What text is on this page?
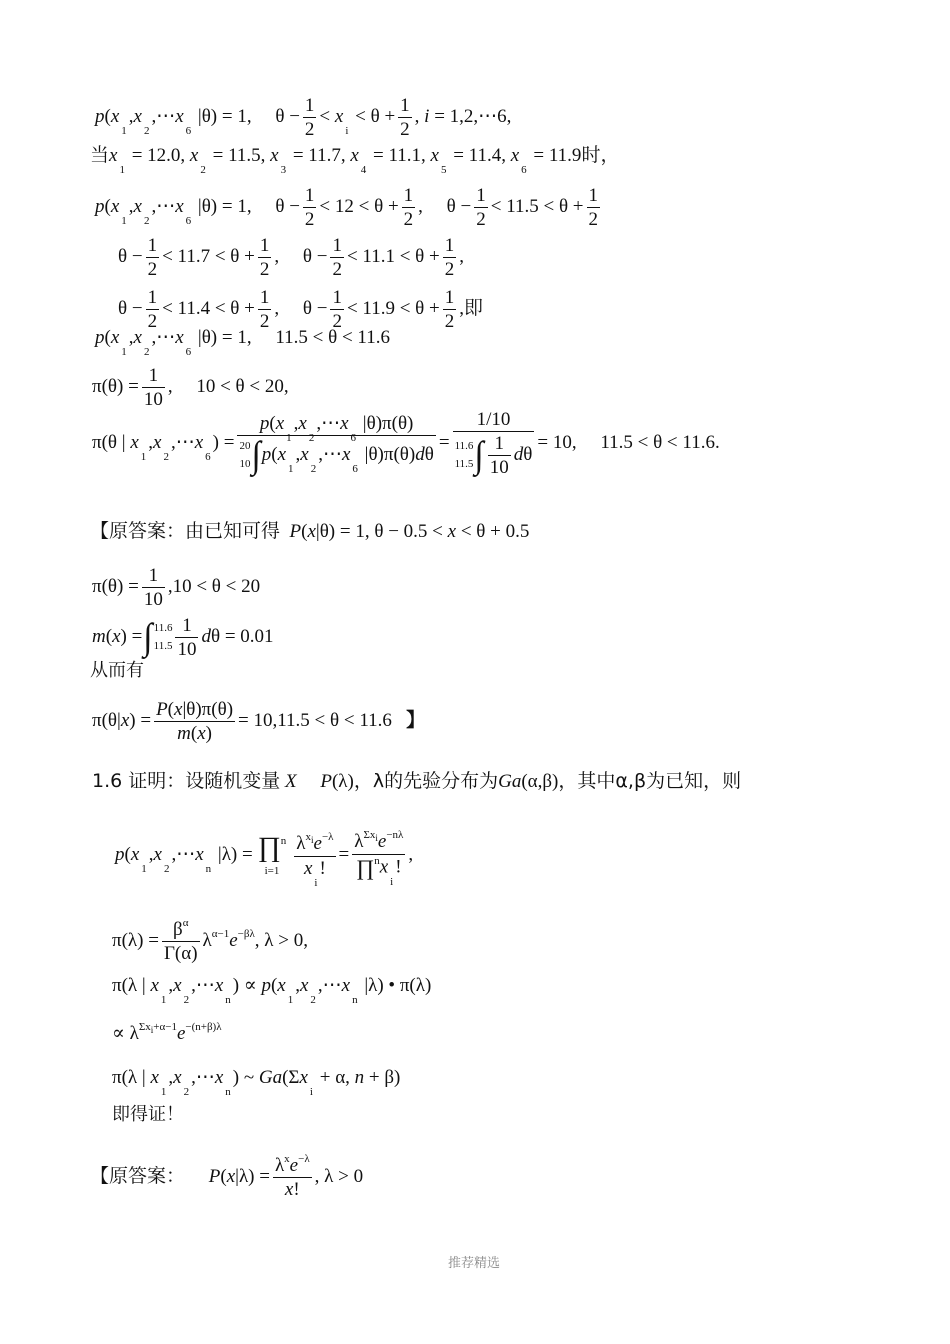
$p(x_1,x_2,\cdots x_6$ |θ) = 1,     $\theta - \frac{1}{2} < x_i < \theta + \frac{1}{2}$ , i = 1,2,⋯6,
当$x_1 = 12.0$, $x_2 = 11.5$, $x_3 = 11.7$, $x_4 = 11.1$, $x_5 = 11.4$, $x_6 = 11.9$时，
$p(x_1,x_2,\cdots x_6$ |θ) = 1,     $\theta - \frac{1}{2} < 12 < \theta + \frac{1}{2}$ ,     $\theta - \frac{1}{2} < 11.5 < \theta + \frac{1}{2}$
$\theta - \frac{1}{2} < 11.7 < \theta + \frac{1}{2}$ ,     $\theta - \frac{1}{2} < 11.1 < \theta + \frac{1}{2}$ ,
$\theta - \frac{1}{2} < 11.4 < \theta + \frac{1}{2}$ ,     $\theta - \frac{1}{2} < 11.9 < \theta + \frac{1}{2}$ ,即
$p(x_1,x_2,\cdots x_6$ |θ) = 1,     11.5 < θ < 11.6
$\pi(\theta) = \frac{1}{10}$ ,     10 < θ < 20,
π(θ | $x_1,x_2,\cdots x_6$) =
$p(x_1,x_2,\cdots x_6$ |θ)π(θ)
20
$10\int p(x_1,x_2,\cdots x_6$ |θ)π(θ)dθ
=
1/10
11.6
$11.5\int \frac{1}{10}$ dθ
= 10,     11.5 < θ < 11.6.
【原答案：由已知可得 P(x|θ) = 1, θ − 0.5 < x < θ + 0.5
$\pi(\theta) = \frac{1}{10} ,10 < \theta < 20$
m(x) =∫11.6
$11.5 \frac{1}{10}$ dθ = 0.01
从而有
$\pi(\theta|x) = \frac{P(x|\theta)\pi(\theta)}{m(x)} = 10,11.5 < \theta < 11.6$   】
1.6 证明：设随机变量 X P(λ)，λ的先验分布为Ga(α,β)，其中α,β为已知，则
$p(x_1,x_2,\cdots x_n$ |λ) = ∏$^n$
$i=1 \frac{\lambda^{x_i}e^{-\lambda}}{x_i!} = \frac{\lambda^{\Sigma x_i}e^{-n\lambda}}{\prod^nx_i!}$ ,
$\pi(\lambda) = \frac{\beta^\alpha}{\Gamma(\alpha)} \lambda^{\alpha-1}e^{-\beta\lambda}$, λ > 0,
π(λ | $x_1,x_2,\cdots x_n$) ∝ $p(x_1,x_2,\cdots x_n$ |λ) • π(λ)
∝ $\lambda^{\Sigma x_i+\alpha-1}e^{-(n+\beta)\lambda}$
π(λ | $x_1,x_2,\cdots x_n$) ~ $Ga(\Sigma x_i + \alpha$, n + β)
即得证！
【原答案： $P(x|\lambda) = \frac{\lambda^xe^{-\lambda}}{x!}$ , λ > 0
推荐精选
